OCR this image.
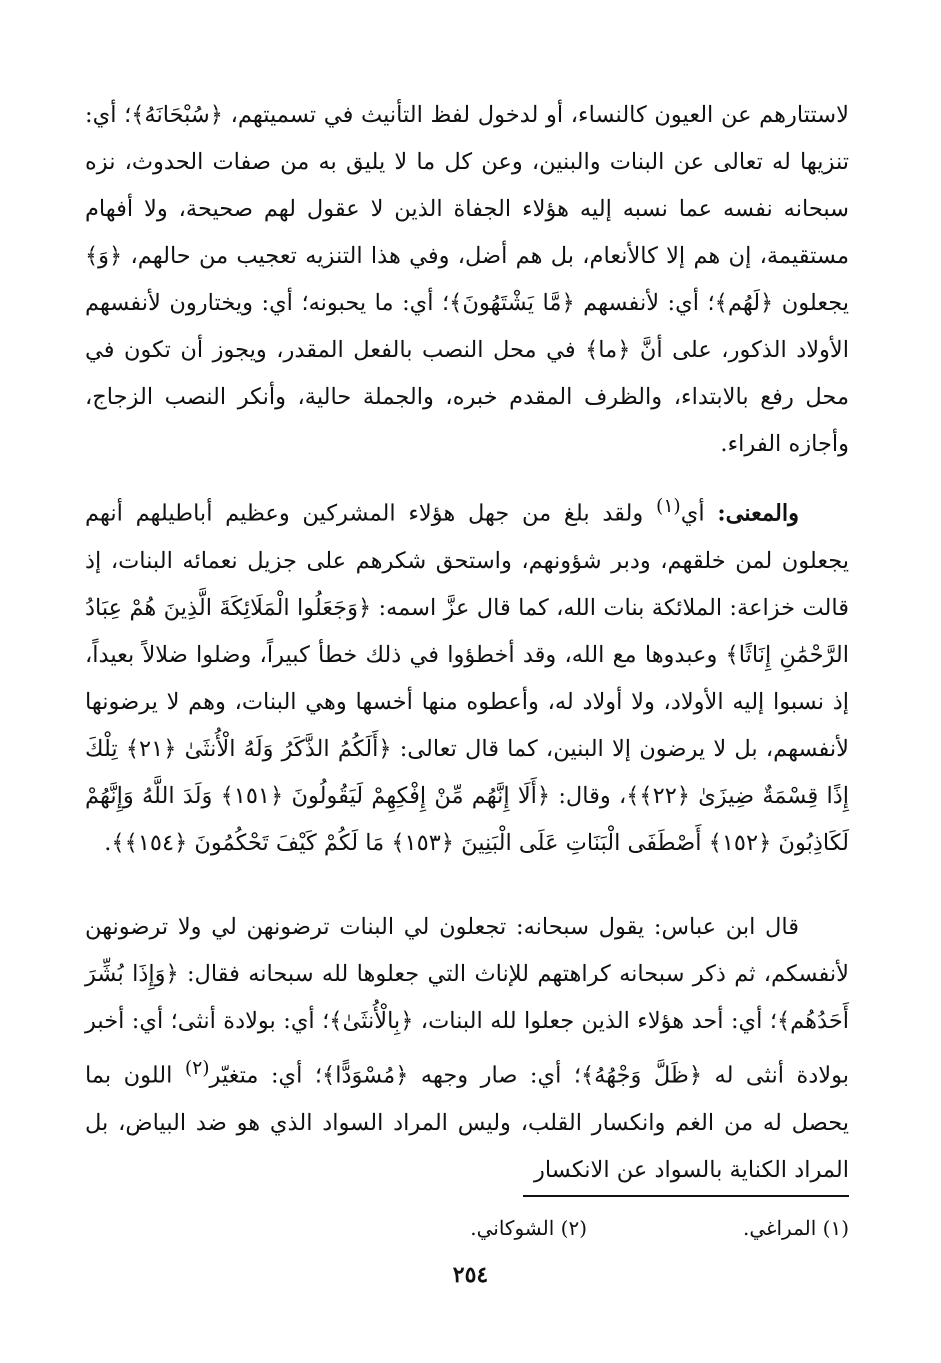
لاستتارهم عن العيون كالنساء، أو لدخول لفظ التأنيث في تسميتهم، ﴿سُبْحَانَهُ﴾؛ أي: تنزيها له تعالى عن البنات والبنين، وعن كل ما لا يليق به من صفات الحدوث، نزه سبحانه نفسه عما نسبه إليه هؤلاء الجفاة الذين لا عقول لهم صحيحة، ولا أفهام مستقيمة، إن هم إلا كالأنعام، بل هم أضل، وفي هذا التنزيه تعجيب من حالهم، ﴿وَ﴾ يجعلون ﴿لَهُم﴾؛ أي: لأنفسهم ﴿مَّا يَشْتَهُونَ﴾؛ أي: ما يحبونه؛ أي: ويختارون لأنفسهم الأولاد الذكور، على أنَّ ﴿ما﴾ في محل النصب بالفعل المقدر، ويجوز أن تكون في محل رفع بالابتداء، والظرف المقدم خبره، والجملة حالية، وأنكر النصب الزجاج، وأجازه الفراء.

والمعنى: أي$^{(١)}$ ولقد بلغ من جهل هؤلاء المشركين وعظيم أباطيلهم أنهم يجعلون لمن خلقهم، ودبر شؤونهم، واستحق شكرهم على جزيل نعمائه البنات، إذ قالت خزاعة: الملائكة بنات الله، كما قال عزَّ اسمه: ﴿وَجَعَلُوا الْمَلَائِكَةَ الَّذِينَ هُمْ عِبَادُ الرَّحْمَٰنِ إِنَاثًا﴾ وعبدوها مع الله، وقد أخطؤوا في ذلك خطأ كبيراً، وضلوا ضلالاً بعيداً، إذ نسبوا إليه الأولاد، ولا أولاد له، وأعطوه منها أخسها وهي البنات، وهم لا يرضونها لأنفسهم، بل لا يرضون إلا البنين، كما قال تعالى: ﴿أَلَكُمُ الذَّكَرُ وَلَهُ الْأُنثَىٰ ﴿٢١﴾ تِلْكَ إِذًا قِسْمَةٌ ضِيزَىٰ ﴿٢٢﴾﴾، وقال: ﴿أَلَا إِنَّهُم مِّنْ إِفْكِهِمْ لَيَقُولُونَ ﴿١٥١﴾ وَلَدَ اللَّهُ وَإِنَّهُمْ لَكَاذِبُونَ ﴿١٥٢﴾ أَصْطَفَى الْبَنَاتِ عَلَى الْبَنِينَ ﴿١٥٣﴾ مَا لَكُمْ كَيْفَ تَحْكُمُونَ ﴿١٥٤﴾﴾.

قال ابن عباس: يقول سبحانه: تجعلون لي البنات ترضونهن لي ولا ترضونهن لأنفسكم، ثم ذكر سبحانه كراهتهم للإناث التي جعلوها لله سبحانه فقال: ﴿وَإِذَا بُشِّرَ أَحَدُهُم﴾؛ أي: أحد هؤلاء الذين جعلوا لله البنات، ﴿بِالْأُنثَىٰ﴾؛ أي: بولادة أنثى؛ أي: أخبر بولادة أنثى له ﴿ظَلَّ وَجْهُهُ﴾؛ أي: صار وجهه ﴿مُسْوَدًّا﴾؛ أي: متغيّر$^{(٢)}$ اللون بما يحصل له من الغم وانكسار القلب، وليس المراد السواد الذي هو ضد البياض، بل المراد الكناية بالسواد عن الانكسار

(١) المراغي.
(٢) الشوكاني.
٢٥٤
